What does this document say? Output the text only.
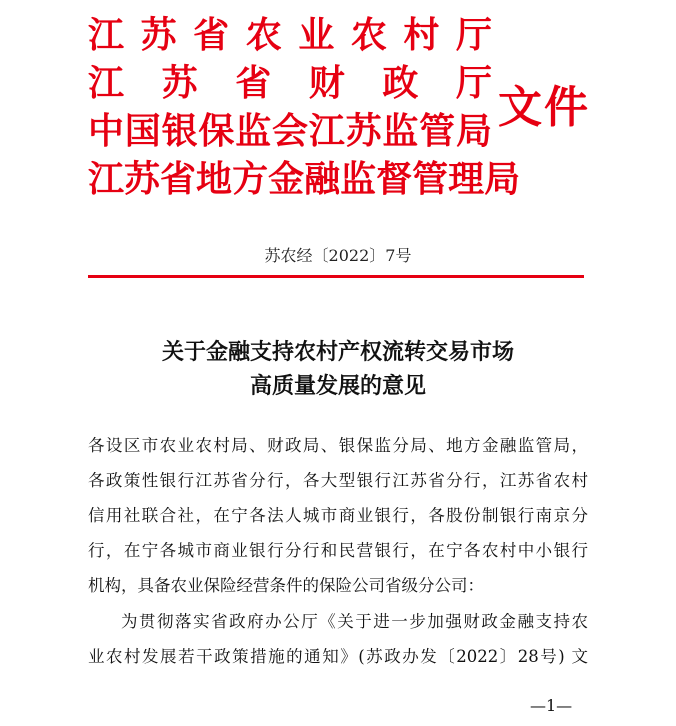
江 苏 省 农 业 农 村 厅
江 苏 省 财 政 厅
中 国 银 保 监 会 江 苏 监 管 局
江 苏 省 地 方 金 融 监 督 管 理 局
文件
苏农经〔2022〕7号
关于金融支持农村产权流转交易市场
高质量发展的意见
各设区市农业农村局、财政局、银保监分局、地方金融监管局，
各政策性银行江苏省分行，各大型银行江苏省分行，江苏省农村
信用社联合社，在宁各法人城市商业银行，各股份制银行南京分
行，在宁各城市商业银行分行和民营银行，在宁各农村中小银行
机构，具备农业保险经营条件的保险公司省级分公司：
为贯彻落实省政府办公厅《关于进一步加强财政金融支持农
业农村发展若干政策措施的通知》(苏政办发〔2022〕28号) 文
—1—
